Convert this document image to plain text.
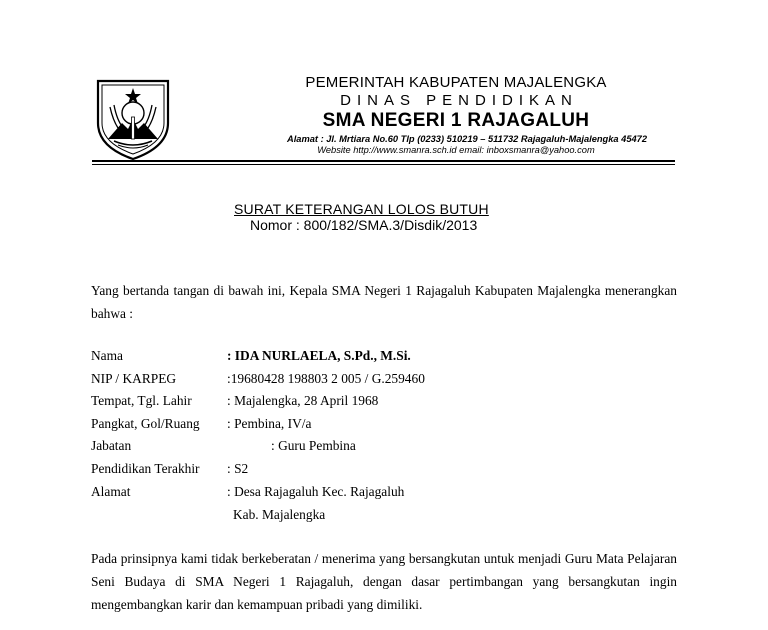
PEMERINTAH KABUPATEN MAJALENGKA
DINAS PENDIDIKAN
SMA NEGERI 1 RAJAGALUH
Alamat : Jl. Mrtiara No.60 Tlp (0233) 510219 – 511732 Rajagaluh-Majalengka 45472
Website http://www.smanra.sch.id email: inboxsmanra@yahoo.com
SURAT KETERANGAN LOLOS BUTUH
Nomor : 800/182/SMA.3/Disdik/2013
Yang bertanda tangan di bawah ini, Kepala SMA Negeri 1 Rajagaluh Kabupaten Majalengka menerangkan bahwa :
Nama	: IDA NURLAELA, S.Pd., M.Si.
NIP / KARPEG	:19680428 198803 2 005 / G.259460
Tempat, Tgl. Lahir	: Majalengka, 28 April 1968
Pangkat, Gol/Ruang : Pembina, IV/a
Jabatan	: Guru Pembina
Pendidikan Terakhir : S2
Alamat	: Desa Rajagaluh Kec. Rajagaluh
Kab. Majalengka
Pada prinsipnya kami tidak berkeberatan / menerima yang bersangkutan untuk menjadi Guru Mata Pelajaran Seni Budaya di SMA Negeri 1 Rajagaluh, dengan dasar pertimbangan yang bersangkutan ingin mengembangkan karir dan kemampuan pribadi yang dimiliki.
